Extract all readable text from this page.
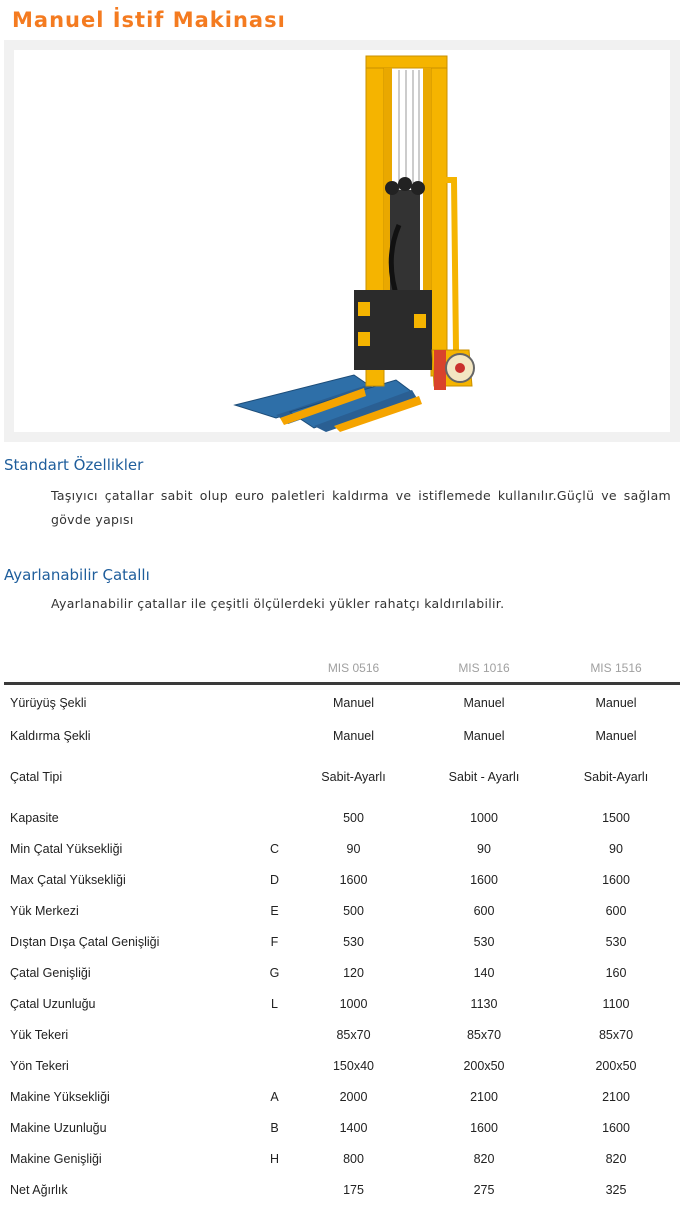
Manuel İstif Makinası
Standart Özellikler

Taşıyıcı çatallar sabit olup euro paletleri kaldırma ve istiflemede kullanılır.Güçlü ve sağlam gövde yapısı

Ayarlanabilir Çatallı

Ayarlanabilir çatallar ile çeşitli ölçülerdeki yükler rahatçı kaldırılabilir.

		MIS 0516	MIS 1016	MIS 1516
Yürüyüş Şekli		Manuel	Manuel	Manuel
Kaldırma Şekli		Manuel	Manuel	Manuel
Çatal Tipi		Sabit-Ayarlı	Sabit - Ayarlı	Sabit-Ayarlı
Kapasite		500	1000	1500
Min Çatal Yüksekliği	C	90	90	90
Max Çatal Yüksekliği	D	1600	1600	1600
Yük Merkezi	E	500	600	600
Dıştan Dışa Çatal Genişliği	F	530	530	530
Çatal Genişliği	G	120	140	160
Çatal Uzunluğu	L	1000	1130	1100
Yük Tekeri		85x70	85x70	85x70
Yön Tekeri		150x40	200x50	200x50
Makine Yüksekliği	A	2000	2100	2100
Makine Uzunluğu	B	1400	1600	1600
Makine Genişliği	H	800	820	820
Net Ağırlık		175	275	325
